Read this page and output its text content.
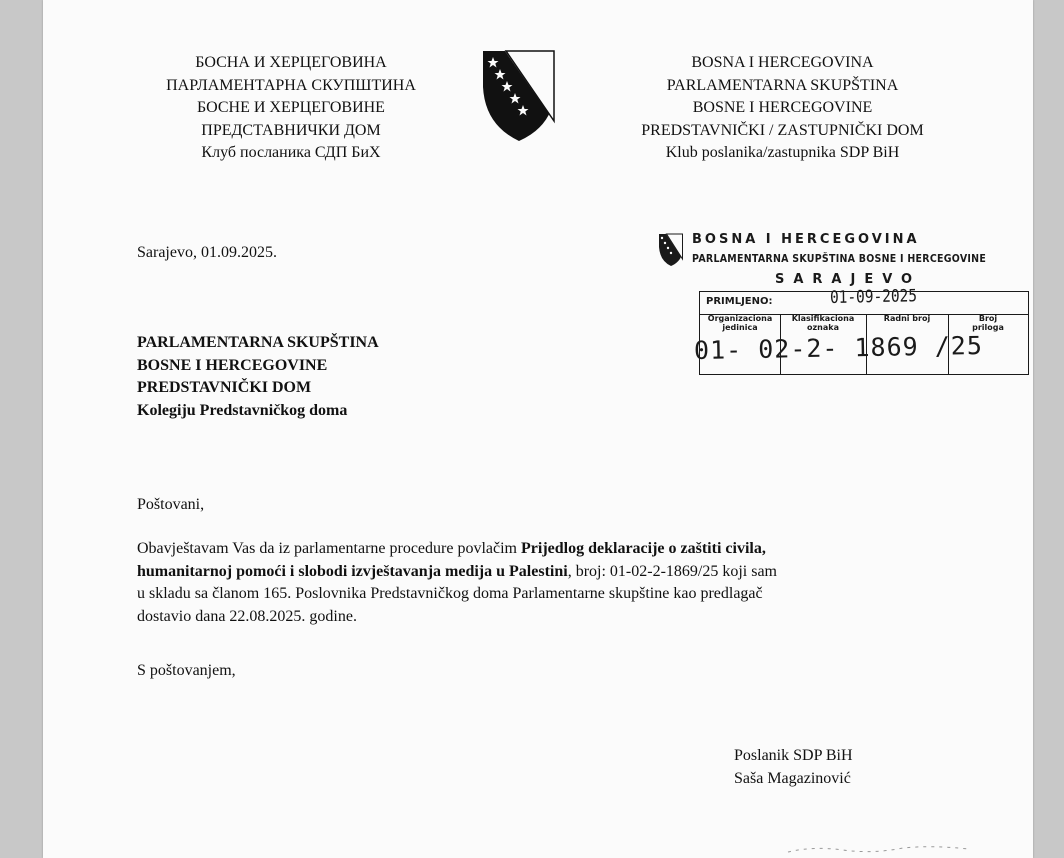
БОСНА И ХЕРЦЕГОВИНА
ПАРЛАМЕНТАРНА СКУПШТИНА
БОСНЕ И ХЕРЦЕГОВИНЕ
ПРЕДСТАВНИЧКИ ДОМ
Клуб посланика СДП БиХ
BOSNA I HERCEGOVINA
PARLAMENTARNA SKUPŠTINA
BOSNE I HERCEGOVINE
PREDSTAVNIČKI / ZASTUPNIČKI DOM
Klub poslanika/zastupnika SDP BiH
Sarajevo, 01.09.2025.
BOSNA I HERCEGOVINA
PARLAMENTARNA SKUPŠTINA BOSNE I HERCEGOVINE
SARAJEVO
PRIMLJENO:	01-09-2025
Organizaciona jedinica
Klasifikaciona oznaka
Radni broj	Broj priloga
01- 02-2- 1869 /25
PARLAMENTARNA SKUPŠTINA
BOSNE I HERCEGOVINE
PREDSTAVNIČKI DOM
Kolegiju Predstavničkog doma
Poštovani,
Obavještavam Vas da iz parlamentarne procedure povlačim Prijedlog deklaracije o zaštiti civila,
humanitarnoj pomoći i slobodi izvještavanja medija u Palestini, broj: 01-02-2-1869/25 koji sam
u skladu sa članom 165. Poslovnika Predstavničkog doma Parlamentarne skupštine kao predlagač
dostavio dana 22.08.2025. godine.
S poštovanjem,
Poslanik SDP BiH
Saša Magazinović
